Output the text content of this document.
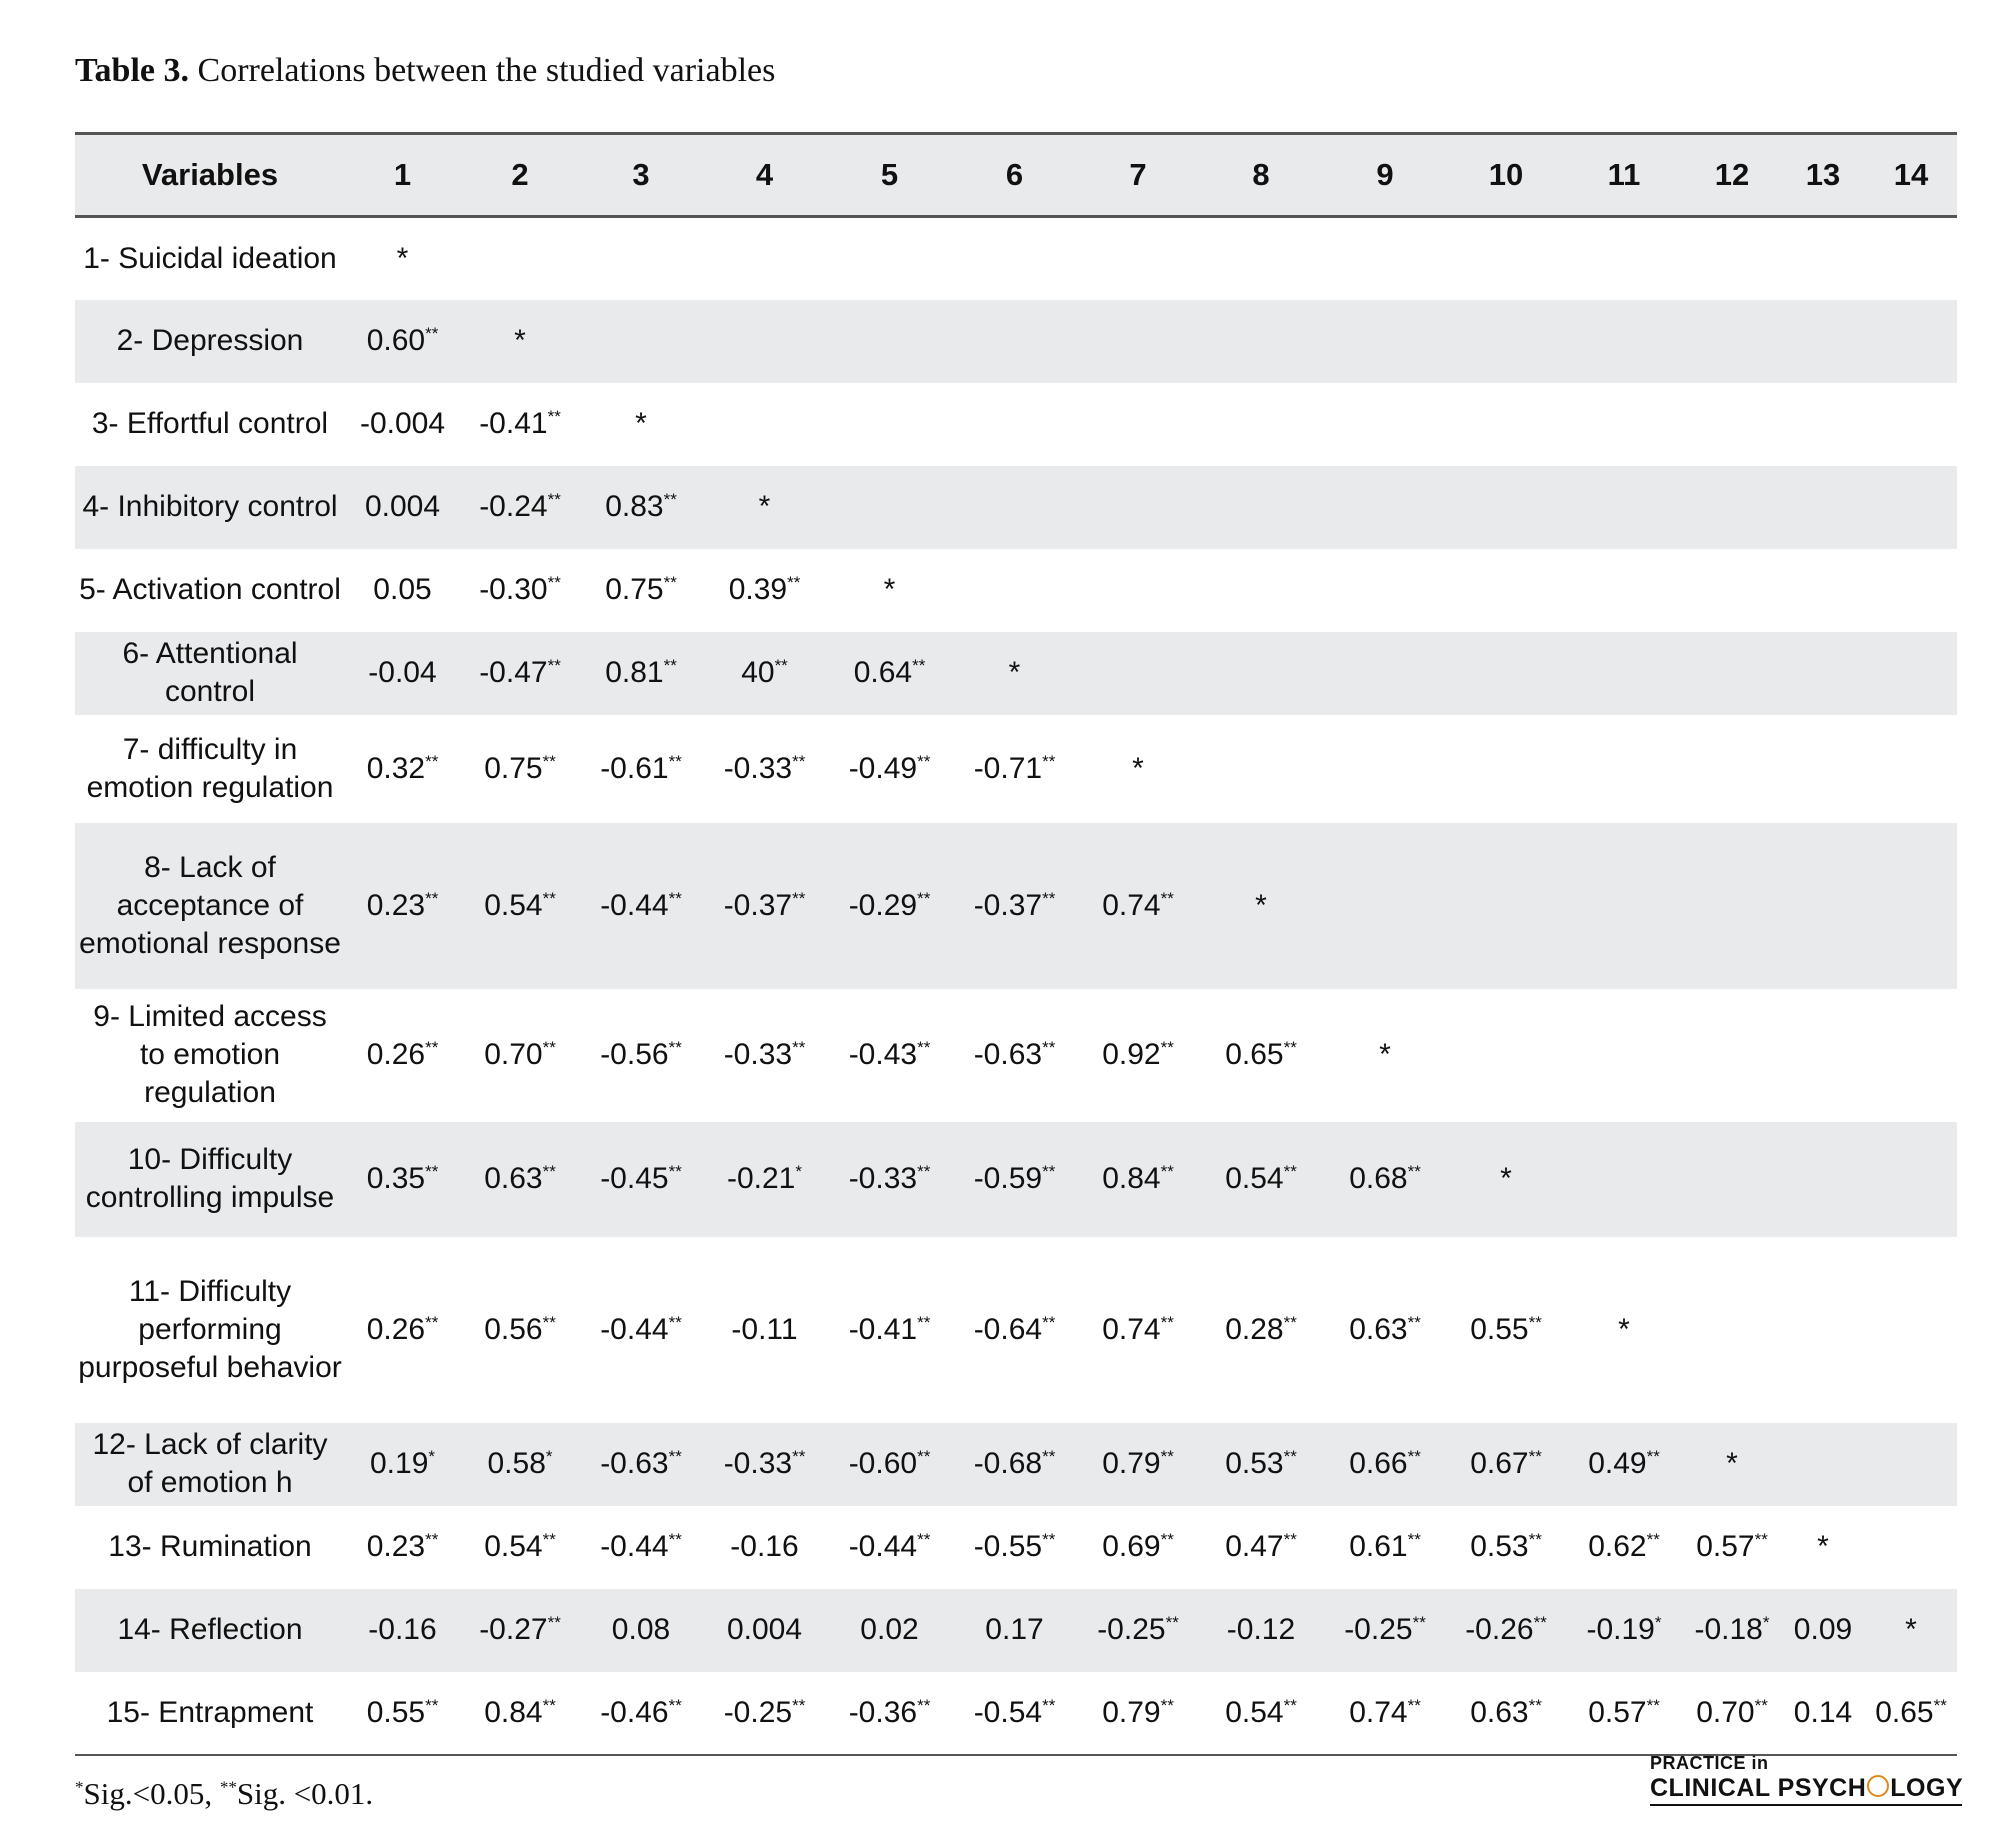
Table 3. Correlations between the studied variables
Variables	1	2	3	4	5	6	7	8	9	10	11	12	13	14
1- Suicidal ideation	*													
2- Depression	0.60**	*												
3- Effortful control	-0.004	-0.41**	*											
4- Inhibitory control	0.004	-0.24**	0.83**	*										
5- Activation control	0.05	-0.30**	0.75**	0.39**	*									
6- Attentional control	-0.04	-0.47**	0.81**	40**	0.64**	*								
7- difficulty in emotion regulation	0.32**	0.75**	-0.61**	-0.33**	-0.49**	-0.71**	*							
8- Lack of acceptance of emotional response	0.23**	0.54**	-0.44**	-0.37**	-0.29**	-0.37**	0.74**	*						
9- Limited access to emotion regulation	0.26**	0.70**	-0.56**	-0.33**	-0.43**	-0.63**	0.92**	0.65**	*					
10- Difficulty controlling impulse	0.35**	0.63**	-0.45**	-0.21*	-0.33**	-0.59**	0.84**	0.54**	0.68**	*				
11- Difficulty performing purposeful behavior	0.26**	0.56**	-0.44**	-0.11	-0.41**	-0.64**	0.74**	0.28**	0.63**	0.55**	*			
12- Lack of clarity of emotion h	0.19*	0.58*	-0.63**	-0.33**	-0.60**	-0.68**	0.79**	0.53**	0.66**	0.67**	0.49**	*		
13- Rumination	0.23**	0.54**	-0.44**	-0.16	-0.44**	-0.55**	0.69**	0.47**	0.61**	0.53**	0.62**	0.57**	*	
14- Reflection	-0.16	-0.27**	0.08	0.004	0.02	0.17	-0.25**	-0.12	-0.25**	-0.26**	-0.19*	-0.18*	0.09	*
15- Entrapment	0.55**	0.84**	-0.46**	-0.25**	-0.36**	-0.54**	0.79**	0.54**	0.74**	0.63**	0.57**	0.70**	0.14	0.65**
*Sig.<0.05, **Sig. <0.01.
PRACTICE in
CLINICAL PSYCH LOGY
